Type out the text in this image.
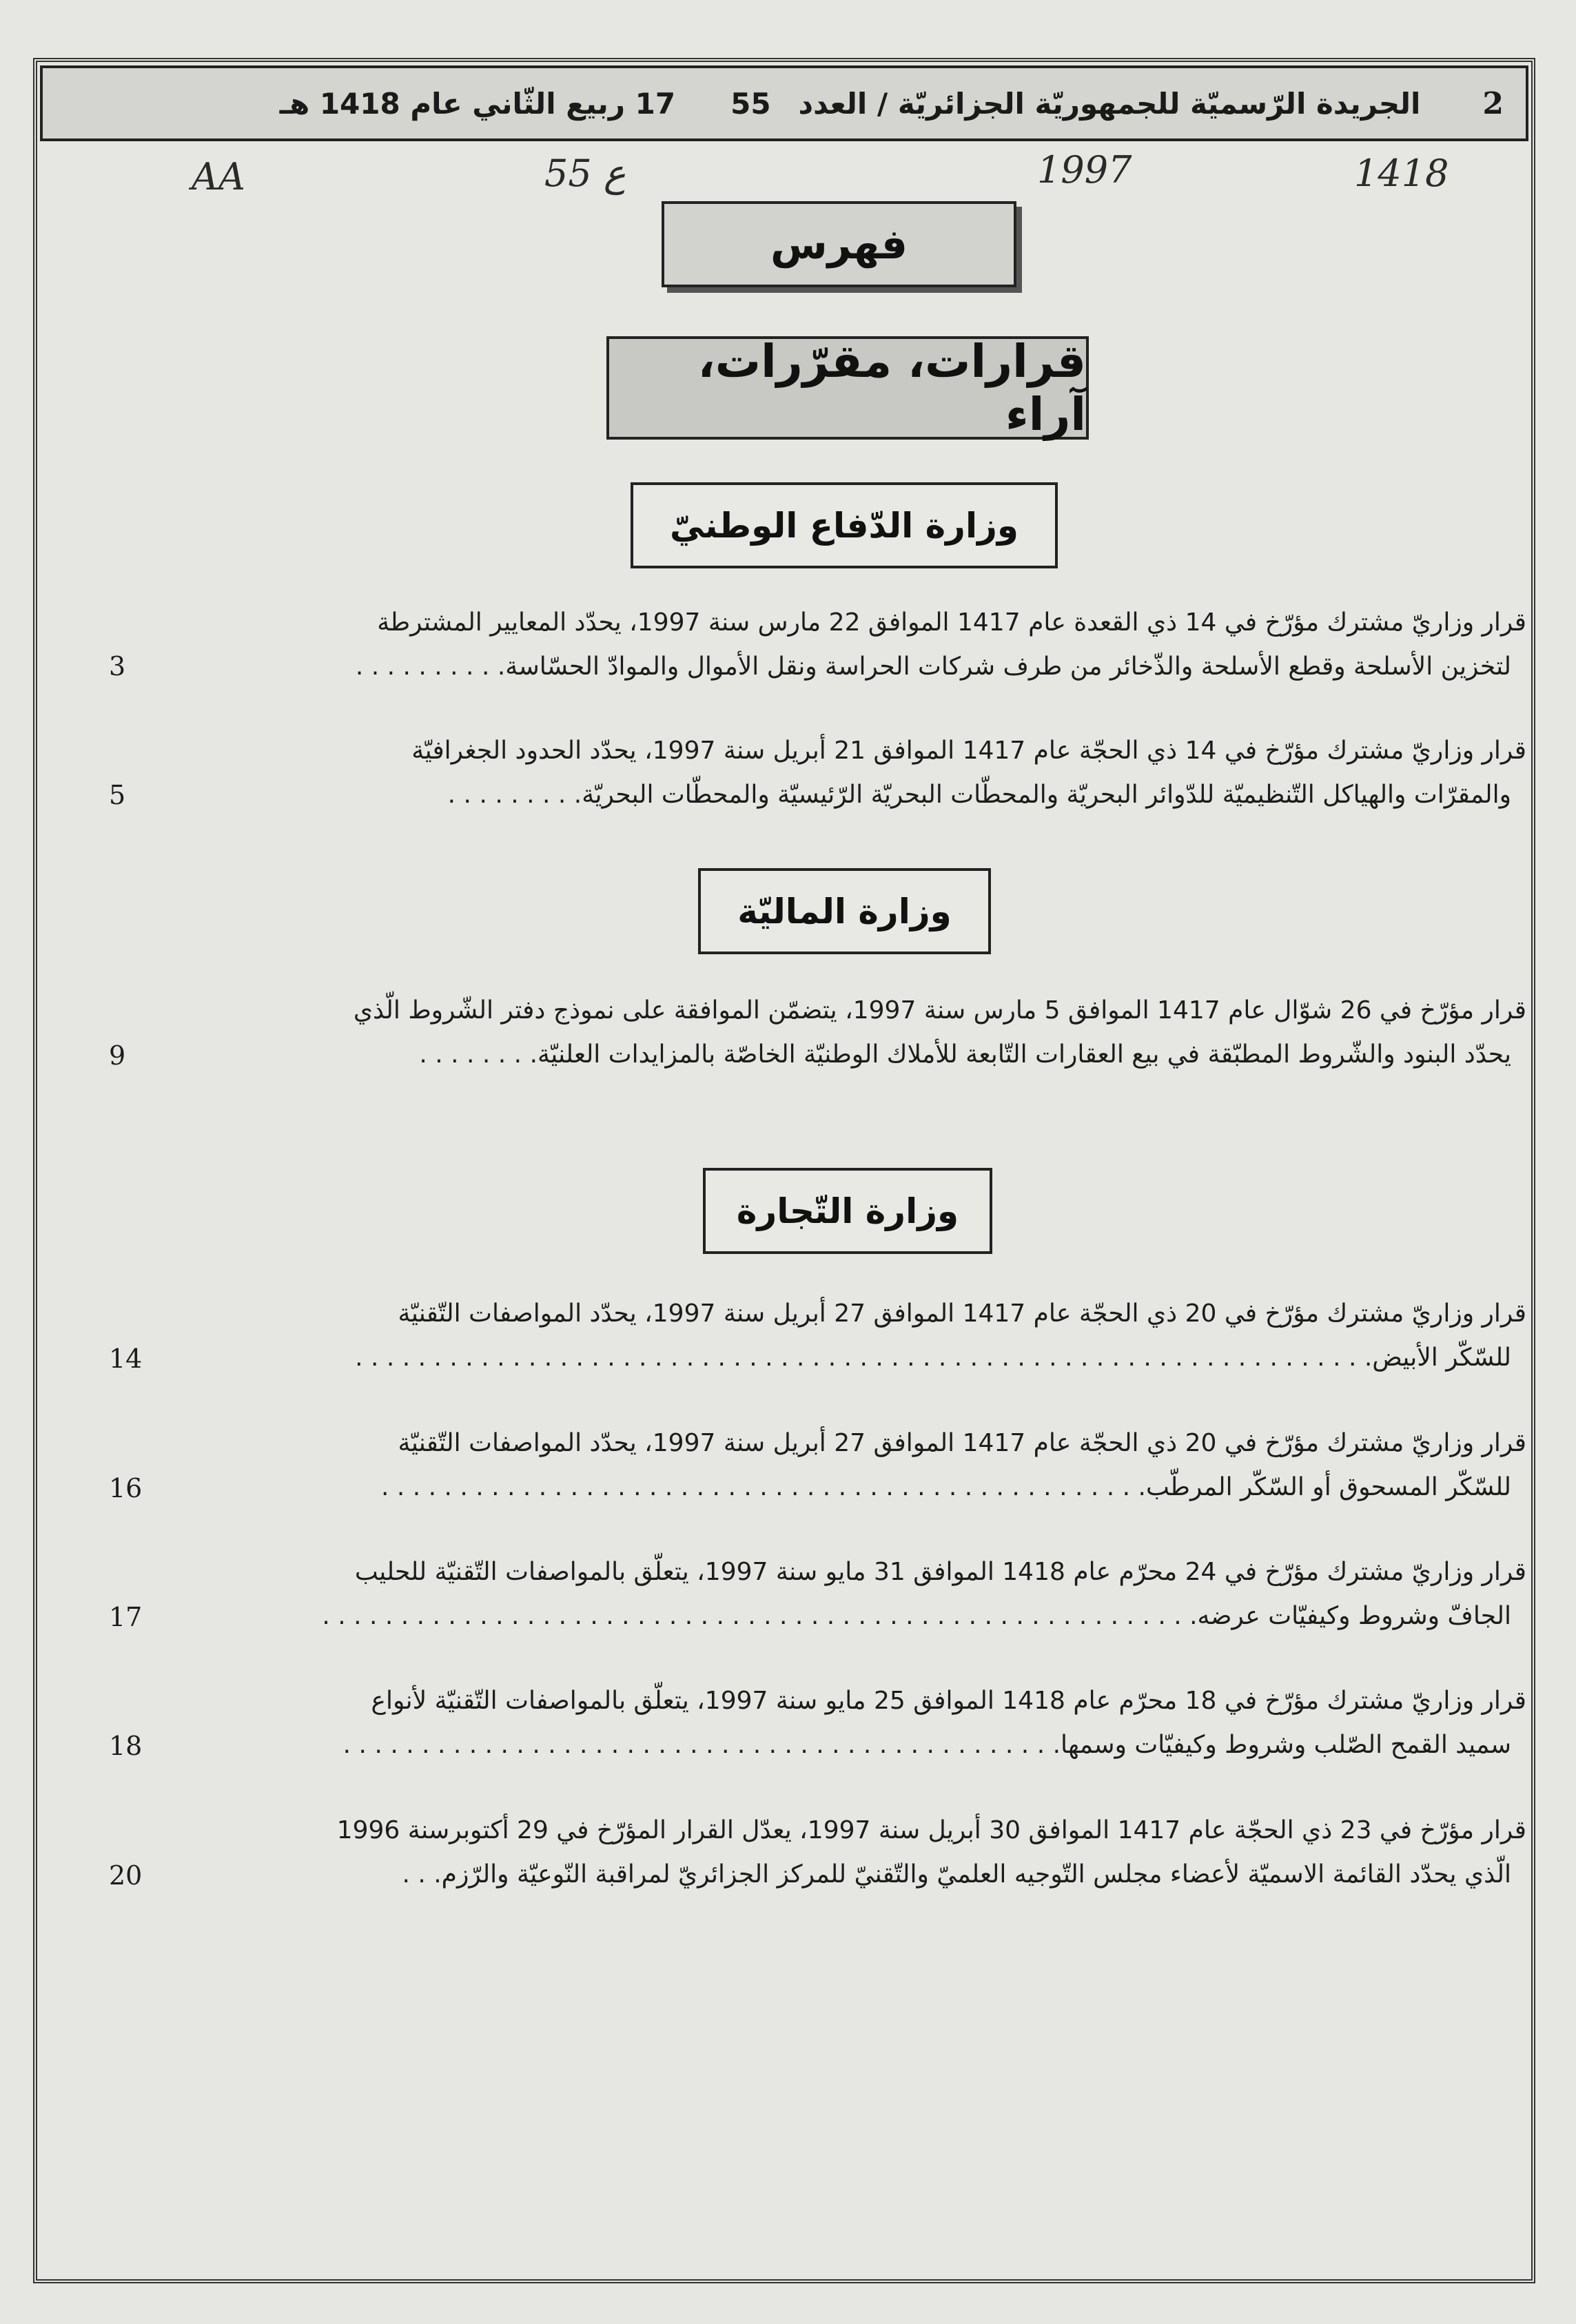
2
الجريدة الرّسميّة للجمهوريّة الجزائريّة / العدد
55
17 ربيع الثّاني عام 1418 هـ
1418
1997
ع 55
AA
فهرس
قرارات، مقرّرات، آراء
وزارة الدّفاع الوطنيّ
قرار وزاريّ مشترك مؤرّخ في 14 ذي القعدة عام 1417 الموافق 22 مارس سنة 1997، يحدّد المعايير المشترطة
لتخزين الأسلحة وقطع الأسلحة والذّخائر من طرف شركات الحراسة ونقل الأموال والموادّ الحسّاسة. . . . . . . . . .
3
قرار وزاريّ مشترك مؤرّخ في 14 ذي الحجّة عام 1417 الموافق 21 أبريل سنة 1997، يحدّد الحدود الجغرافيّة
والمقرّات والهياكل التّنظيميّة للدّوائر البحريّة والمحطّات البحريّة الرّئيسيّة والمحطّات البحريّة. . . . . . . . .
5
وزارة الماليّة
قرار مؤرّخ في 26 شوّال عام 1417 الموافق 5 مارس سنة 1997، يتضمّن الموافقة على نموذج دفتر الشّروط الّذي
يحدّد البنود والشّروط المطبّقة في بيع العقارات التّابعة للأملاك الوطنيّة الخاصّة بالمزايدات العلنيّة. . . . . . . .
9
وزارة التّجارة
قرار وزاريّ مشترك مؤرّخ في 20 ذي الحجّة عام 1417 الموافق 27 أبريل سنة 1997، يحدّد المواصفات التّقنيّة
للسّكّر الأبيض. . . . . . . . . . . . . . . . . . . . . . . . . . . . . . . . . . . . . . . . . . . . . . . . . . . . . . . . . . . . . . . . .
14
قرار وزاريّ مشترك مؤرّخ في 20 ذي الحجّة عام 1417 الموافق 27 أبريل سنة 1997، يحدّد المواصفات التّقنيّة
للسّكّر المسحوق أو السّكّر المرطّب. . . . . . . . . . . . . . . . . . . . . . . . . . . . . . . . . . . . . . . . . . . . . . . . .
16
قرار وزاريّ مشترك مؤرّخ في 24 محرّم عام 1418 الموافق 31 مايو سنة 1997، يتعلّق بالمواصفات التّقنيّة للحليب
الجافّ وشروط وكيفيّات عرضه. . . . . . . . . . . . . . . . . . . . . . . . . . . . . . . . . . . . . . . . . . . . . . . . . . . . . . . .
17
قرار وزاريّ مشترك مؤرّخ في 18 محرّم عام 1418 الموافق 25 مايو سنة 1997، يتعلّق بالمواصفات التّقنيّة لأنواع
سميد القمح الصّلب وشروط وكيفيّات وسمها. . . . . . . . . . . . . . . . . . . . . . . . . . . . . . . . . . . . . . . . . . . . . .
18
قرار مؤرّخ في 23 ذي الحجّة عام 1417 الموافق 30 أبريل سنة 1997، يعدّل القرار المؤرّخ في 29 أكتوبرسنة 1996
الّذي يحدّد القائمة الاسميّة لأعضاء مجلس التّوجيه العلميّ والتّقنيّ للمركز الجزائريّ لمراقبة النّوعيّة والرّزم. . .
20
